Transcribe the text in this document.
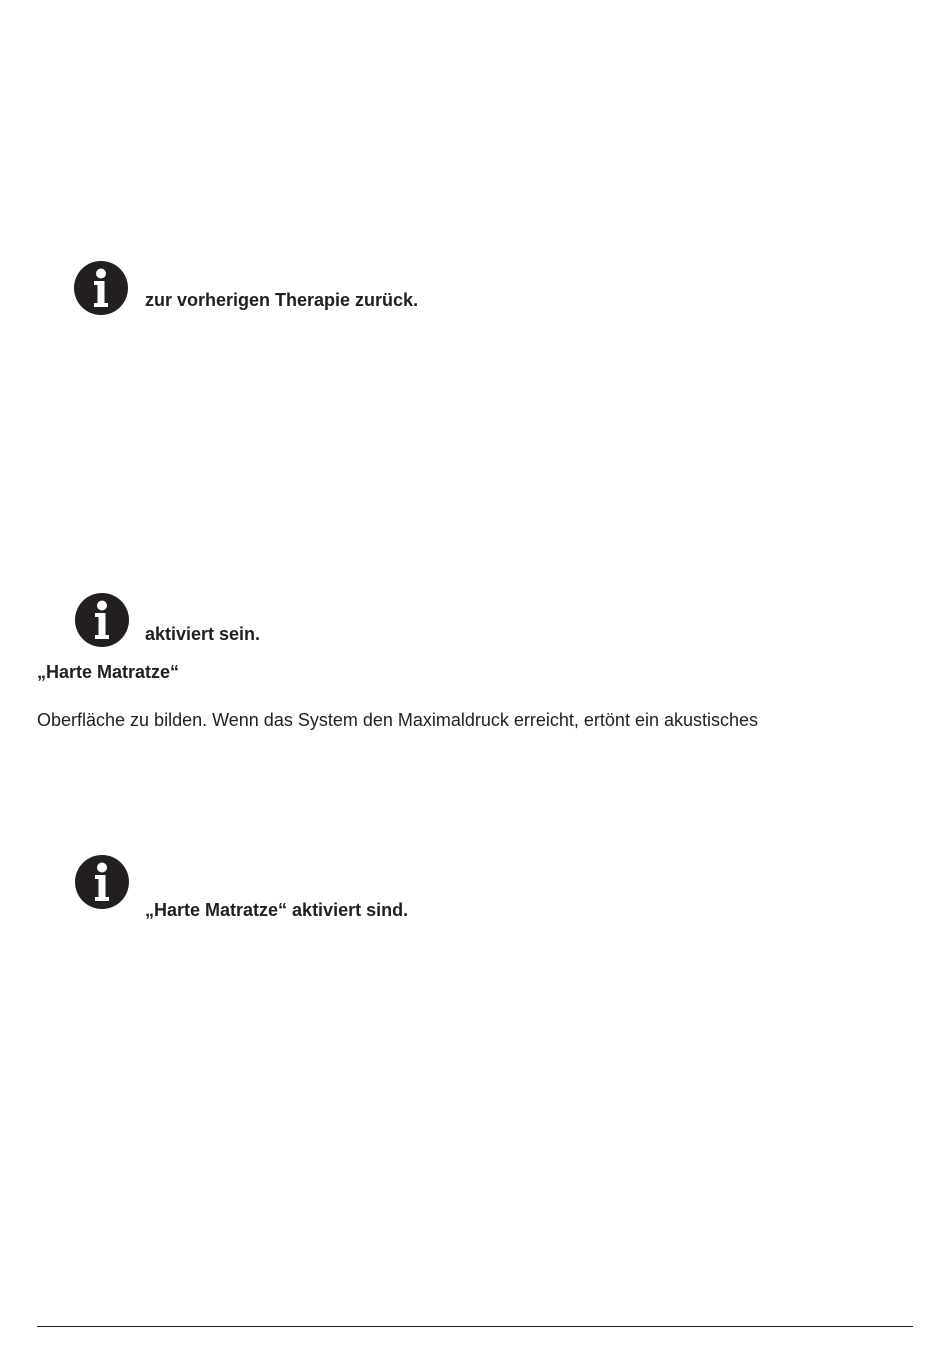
zur vorherigen Therapie zurück.

aktiviert sein.

„Harte Matratze“

Oberfläche zu bilden. Wenn das System den Maximaldruck erreicht, ertönt ein akustisches

„Harte Matratze“ aktiviert sind.
